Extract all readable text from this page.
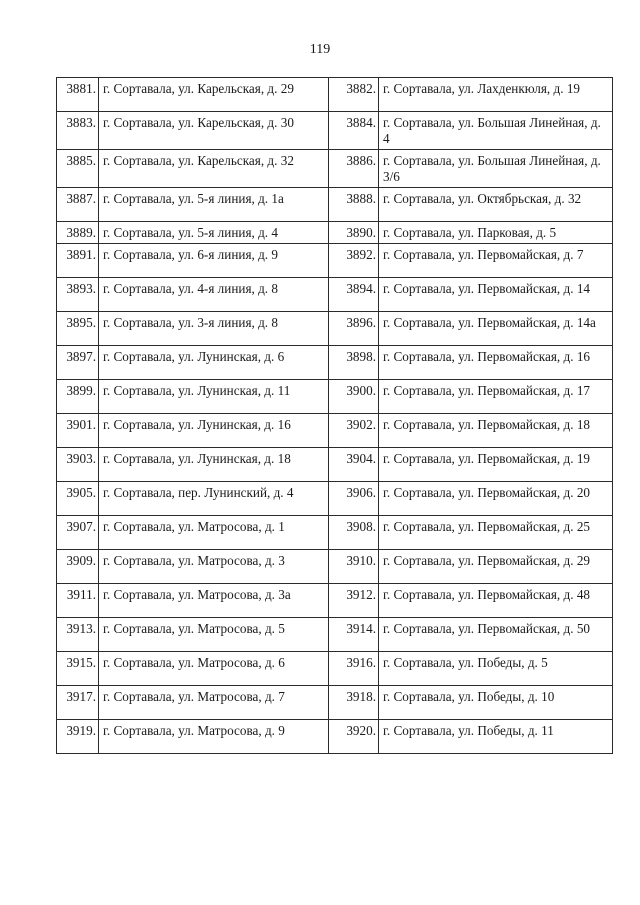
119
3881.	г. Сортавала, ул. Карельская, д. 29	3882.	г. Сортавала, ул. Лахденкюля, д. 19
3883.	г. Сортавала, ул. Карельская, д. 30	3884.	г. Сортавала, ул. Большая Линейная, д. 4
3885.	г. Сортавала, ул. Карельская, д. 32	3886.	г. Сортавала, ул. Большая Линейная, д. 3/6
3887.	г. Сортавала, ул. 5-я линия, д. 1а	3888.	г. Сортавала, ул. Октябрьская, д. 32
3889.	г. Сортавала, ул. 5-я линия, д. 4	3890.	г. Сортавала, ул. Парковая, д. 5
3891.	г. Сортавала, ул. 6-я линия, д. 9	3892.	г. Сортавала, ул. Первомайская, д. 7
3893.	г. Сортавала, ул. 4-я линия, д. 8	3894.	г. Сортавала, ул. Первомайская, д. 14
3895.	г. Сортавала, ул. 3-я линия, д. 8	3896.	г. Сортавала, ул. Первомайская, д. 14а
3897.	г. Сортавала, ул. Лунинская, д. 6	3898.	г. Сортавала, ул. Первомайская, д. 16
3899.	г. Сортавала, ул. Лунинская, д. 11	3900.	г. Сортавала, ул. Первомайская, д. 17
3901.	г. Сортавала, ул. Лунинская, д. 16	3902.	г. Сортавала, ул. Первомайская, д. 18
3903.	г. Сортавала, ул. Лунинская, д. 18	3904.	г. Сортавала, ул. Первомайская, д. 19
3905.	г. Сортавала, пер. Лунинский, д. 4	3906.	г. Сортавала, ул. Первомайская, д. 20
3907.	г. Сортавала, ул. Матросова, д. 1	3908.	г. Сортавала, ул. Первомайская, д. 25
3909.	г. Сортавала, ул. Матросова, д. 3	3910.	г. Сортавала, ул. Первомайская, д. 29
3911.	г. Сортавала, ул. Матросова, д. 3а	3912.	г. Сортавала, ул. Первомайская, д. 48
3913.	г. Сортавала, ул. Матросова, д. 5	3914.	г. Сортавала, ул. Первомайская, д. 50
3915.	г. Сортавала, ул. Матросова, д. 6	3916.	г. Сортавала, ул. Победы, д. 5
3917.	г. Сортавала, ул. Матросова, д. 7	3918.	г. Сортавала, ул. Победы, д. 10
3919.	г. Сортавала, ул. Матросова, д. 9	3920.	г. Сортавала, ул. Победы, д. 11
